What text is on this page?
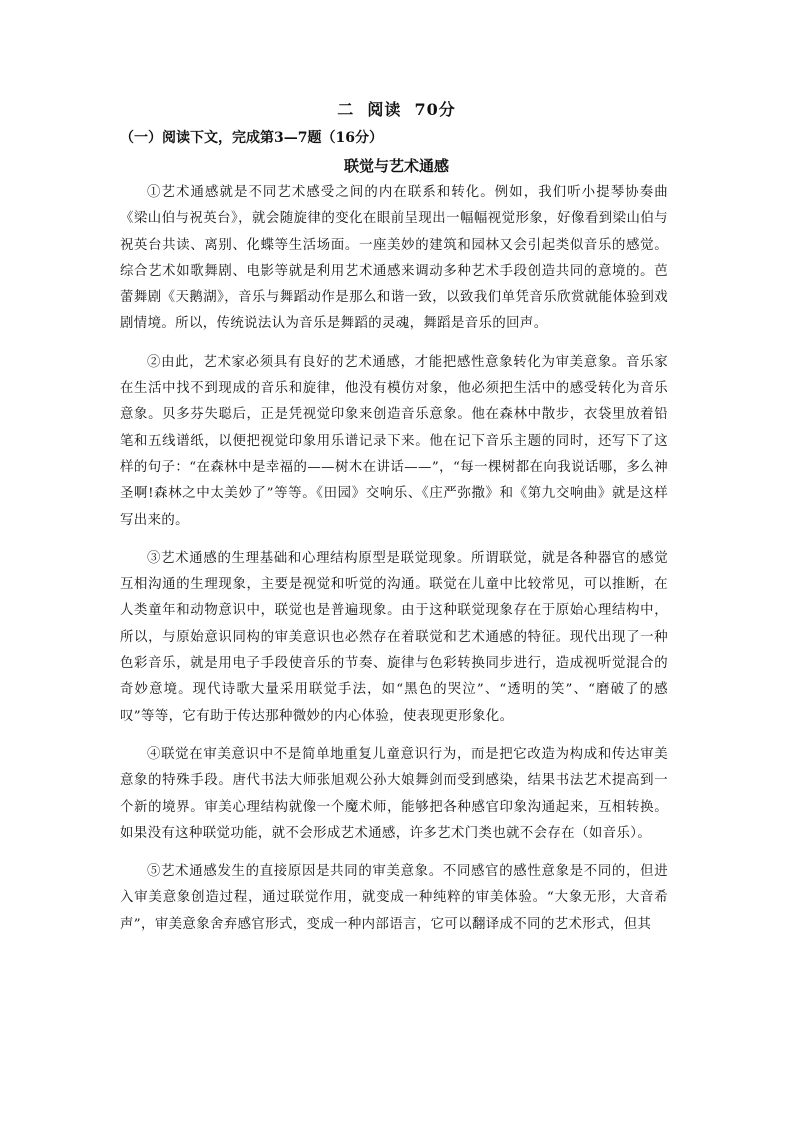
二  阅读  70分
（一）阅读下文，完成第3—7题（16分）
联觉与艺术通感

①艺术通感就是不同艺术感受之间的内在联系和转化。例如，我们听小提琴协奏曲《梁山伯与祝英台》，就会随旋律的变化在眼前呈现出一幅幅视觉形象，好像看到梁山伯与祝英台共读、离别、化蝶等生活场面。一座美妙的建筑和园林又会引起类似音乐的感觉。综合艺术如歌舞剧、电影等就是利用艺术通感来调动多种艺术手段创造共同的意境的。芭蕾舞剧《天鹅湖》，音乐与舞蹈动作是那么和谐一致，以致我们单凭音乐欣赏就能体验到戏剧情境。所以，传统说法认为音乐是舞蹈的灵魂，舞蹈是音乐的回声。

②由此，艺术家必须具有良好的艺术通感，才能把感性意象转化为审美意象。音乐家在生活中找不到现成的音乐和旋律，他没有模仿对象，他必须把生活中的感受转化为音乐意象。贝多芬失聪后，正是凭视觉印象来创造音乐意象。他在森林中散步，衣袋里放着铅笔和五线谱纸，以便把视觉印象用乐谱记录下来。他在记下音乐主题的同时，还写下了这样的句子：“在森林中是幸福的——树木在讲话——”，“每一棵树都在向我说话哪，多么神圣啊!森林之中太美妙了”等等。《田园》交响乐、《庄严弥撒》和《第九交响曲》就是这样写出来的。

③艺术通感的生理基础和心理结构原型是联觉现象。所谓联觉，就是各种器官的感觉互相沟通的生理现象，主要是视觉和听觉的沟通。联觉在儿童中比较常见，可以推断，在人类童年和动物意识中，联觉也是普遍现象。由于这种联觉现象存在于原始心理结构中，所以，与原始意识同构的审美意识也必然存在着联觉和艺术通感的特征。现代出现了一种色彩音乐，就是用电子手段使音乐的节奏、旋律与色彩转换同步进行，造成视听觉混合的奇妙意境。现代诗歌大量采用联觉手法，如“黑色的哭泣”、“透明的笑”、“磨破了的感叹”等等，它有助于传达那种微妙的内心体验，使表现更形象化。

④联觉在审美意识中不是简单地重复儿童意识行为，而是把它改造为构成和传达审美意象的特殊手段。唐代书法大师张旭观公孙大娘舞剑而受到感染，结果书法艺术提高到一个新的境界。审美心理结构就像一个魔术师，能够把各种感官印象沟通起来，互相转换。如果没有这种联觉功能，就不会形成艺术通感，许多艺术门类也就不会存在（如音乐）。

⑤艺术通感发生的直接原因是共同的审美意象。不同感官的感性意象是不同的，但进入审美意象创造过程，通过联觉作用，就变成一种纯粹的审美体验。“大象无形，大音希声”，审美意象舍弃感官形式，变成一种内部语言，它可以翻译成不同的艺术形式，但其
